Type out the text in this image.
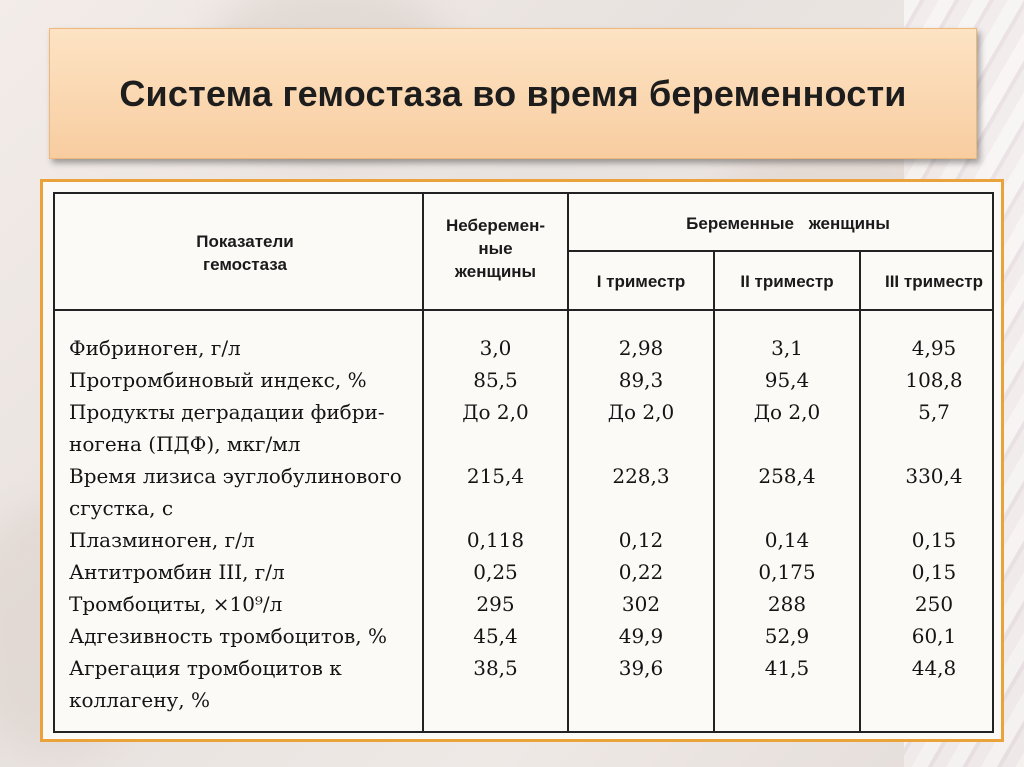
Система гемостаза во время беременности
Показатели
гемостаза
Неберемен-
ные
женщины
Беременные женщины
I триместр	II триместр	III триместр
Фибриноген, г/л	3,0	2,98	3,1	4,95
Протромбиновый индекс, %	85,5	89,3	95,4	108,8
Продукты деградации фибри-
ногена (ПДФ), мкг/мл
До 2,0	До 2,0	До 2,0	5,7
Время лизиса эуглобулинового
сгустка, с
215,4	228,3	258,4	330,4
Плазминоген, г/л	0,118	0,12	0,14	0,15
Антитромбин III, г/л	0,25	0,22	0,175	0,15
Тромбоциты, ×10⁹/л	295	302	288	250
Адгезивность тромбоцитов, %	45,4	49,9	52,9	60,1
Агрегация тромбоцитов к
коллагену, %
38,5	39,6	41,5	44,8
